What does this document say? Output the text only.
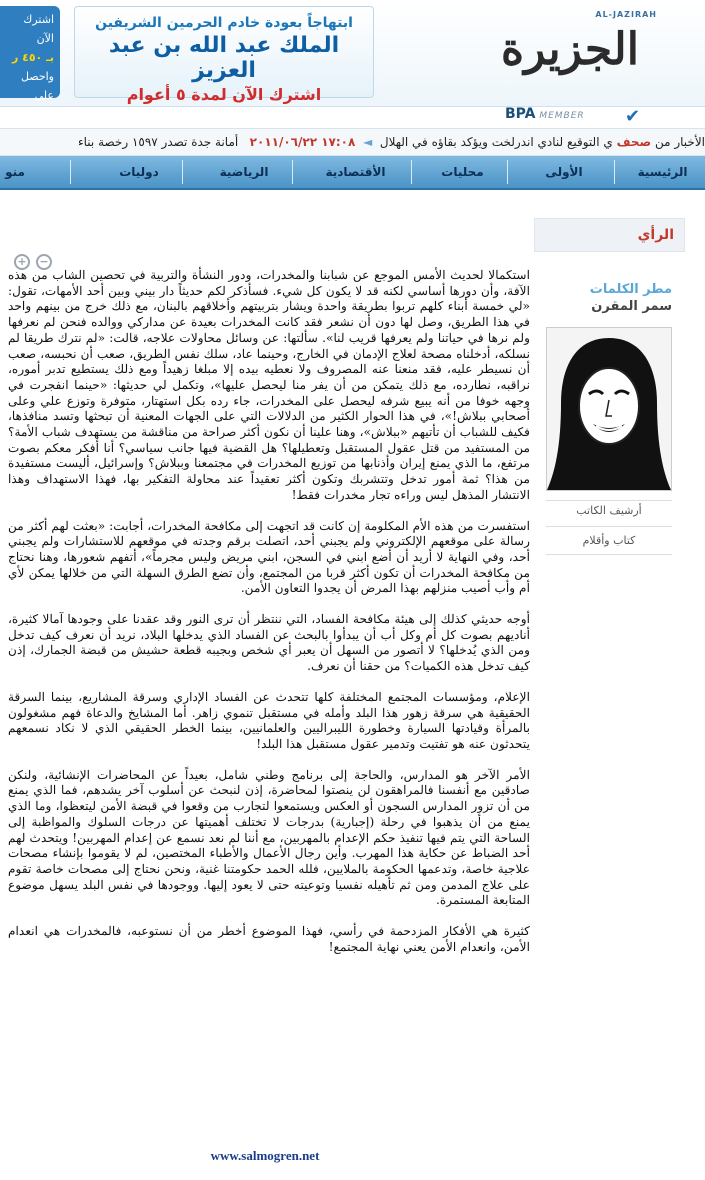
اشترك الآن
بـ ٤٥٠ ر
واحصل على
إضافيين
ابتهاجاً بعودة خادم الحرمين الشريفين
الملك عبد الله بن عبد العزيز
اشترك الآن لمدة ٥ أعوام
AL-JAZIRAH
الجزيرة
BPA MEMBER	✔
الأخبار من صحف ي التوقيع لنادي اندرلخت ويؤكد بقاؤه في الهلال  ◄  ١٧:٠٨ ٢٠١١/٠٦/٢٢   أمانة جدة تصدر ١٥٩٧ رخصة بناء
الرئيسية
الأولى
محليات
الأقتصادية
الرياضية
دوليات
منو
الرأي
+	−

استكمالا لحديث الأمس الموجع عن شبابنا والمخدرات، ودور النشأة والتربية في تحصين الشاب من هذه الآفة، وأن دورها أساسي لكنه قد لا يكون كل شيء. فسأذكر لكم حديثاً دار بيني وبين أحد الأمهات، تقول: «لي خمسة أبناء كلهم تربوا بطريقة واحدة ويشار بتربيتهم وأخلاقهم بالبنان، مع ذلك خرج من بينهم واحد في هذا الطريق، وصل لها دون أن نشعر فقد كانت المخدرات بعيدة عن مداركي ووالده فنحن لم نعرفها ولم نرها في حياتنا ولم يعرفها قريب لنا». سألتها: عن وسائل محاولات علاجه، قالت: «لم نترك طريقا لم نسلكه، أدخلناه مصحة لعلاج الإدمان في الخارج، وحينما عاد، سلك نفس الطريق، صعب أن نحبسه، صعب أن نسيطر عليه، فقد منعنا عنه المصروف ولا نعطيه بيده إلا مبلغا زهيداً ومع ذلك يستطيع تدبر أموره، نراقبه، نطارده، مع ذلك يتمكن من أن يفر منا ليحصل عليها»، وتكمل لي حديثها: «حينما انفجرت في وجهه خوفا من أنه يبيع شرفه ليحصل على المخدرات، جاء رده بكل استهتار، متوفرة وتوزع علي وعلى أصحابي ببلاش!»، في هذا الحوار الكثير من الدلالات التي على الجهات المعنية أن تبحثها وتسد منافذها، فكيف للشباب أن تأتيهم «ببلاش»، وهنا علينا أن نكون أكثر صراحة من مناقشة من يستهدف شباب الأمة؟ من المستفيد من قتل عقول المستقبل وتعطيلها؟ هل القضية فيها جانب سياسي؟ أنا أفكر معكم بصوت مرتفع، ما الذي يمنع إيران وأذنابها من توزيع المخدرات في مجتمعنا وببلاش؟ وإسرائيل، أليست مستفيدة من هذا؟ ثمة أمور تدخل وتتشربك وتكون أكثر تعقيداً عند محاولة التفكير بها، فهذا الاستهداف وهذا الانتشار المذهل ليس وراءه تجار مخدرات فقط!

استفسرت من هذه الأم المكلومة إن كانت قد اتجهت إلى مكافحة المخدرات، أجابت: «بعثت لهم أكثر من رسالة على موقعهم الإلكتروني ولم يجبني أحد، اتصلت برقم وجدته في موقعهم للاستشارات ولم يجبني أحد، وفي النهاية لا أريد أن أضع ابني في السجن، ابني مريض وليس مجرماً»، أتفهم شعورها، وهنا نحتاج من مكافحة المخدرات أن تكون أكثر قربا من المجتمع، وأن تضع الطرق السهلة التي من خلالها يمكن لأي أم وأب أصيب منزلهم بهذا المرض أن يجدوا التعاون الأمن.

أوجه حديثي كذلك إلى هيئة مكافحة الفساد، التي ننتظر أن ترى النور وقد عقدنا على وجودها آمالا كثيرة، أناديهم بصوت كل أم وكل أب أن يبدأوا بالبحث عن الفساد الذي يدخلها البلاد، نريد أن نعرف كيف تدخل ومن الذي يُدخلها؟ لا أتصور من السهل أن يعبر أي شخص وبجيبه قطعة حشيش من قبضة الجمارك، إذن كيف تدخل هذه الكميات؟ من حقنا أن نعرف.

الإعلام، ومؤسسات المجتمع المختلفة كلها تتحدث عن الفساد الإداري وسرقة المشاريع، بينما السرقة الحقيقية هي سرقة زهور هذا البلد وأمله في مستقبل تنموي زاهر. أما المشايخ والدعاة فهم مشغولون بالمرأة وقيادتها السيارة وخطورة الليبراليين والعلمانيين، بينما الخطر الحقيقي الذي لا نكاد نسمعهم يتحدثون عنه هو تفتيت وتدمير عقول مستقبل هذا البلد!

الأمر الآخر هو المدارس، والحاجة إلى برنامج وطني شامل، بعيداً عن المحاضرات الإنشائية، ولنكن صادقين مع أنفسنا فالمراهقون لن ينصتوا لمحاضرة، إذن لنبحث عن أسلوب آخر يشدهم، فما الذي يمنع من أن تزور المدارس السجون أو العكس ويستمعوا لتجارب من وقعوا في قبضة الأمن ليتعظوا، وما الذي يمنع من أن يذهبوا في رحلة (إجبارية) بدرجات لا تختلف أهميتها عن درجات السلوك والمواظبة إلى الساحة التي يتم فيها تنفيذ حكم الإعدام بالمهربين، مع أننا لم نعد نسمع عن إعدام المهربين! ويتحدث لهم أحد الضباط عن حكاية هذا المهرب. وأين رجال الأعمال والأطباء المختصين، لم لا يقوموا بإنشاء مصحات علاجية خاصة، وتدعمها الحكومة بالملايين، فلله الحمد حكومتنا غنية، ونحن نحتاج إلى مصحات خاصة تقوم على علاج المدمن ومن ثم تأهيله نفسيا وتوعيته حتى لا يعود إليها. ووجودها في نفس البلد يسهل موضوع المتابعة المستمرة.

كثيرة هي الأفكار المزدحمة في رأسي، فهذا الموضوع أخطر من أن نستوعبه، فالمخدرات هي انعدام الأمن، وانعدام الأمن يعني نهاية المجتمع!

مطر الكلمات
سمر المقرن
أرشيف الكاتب
كتاب وأقلام
www.salmogren.net
